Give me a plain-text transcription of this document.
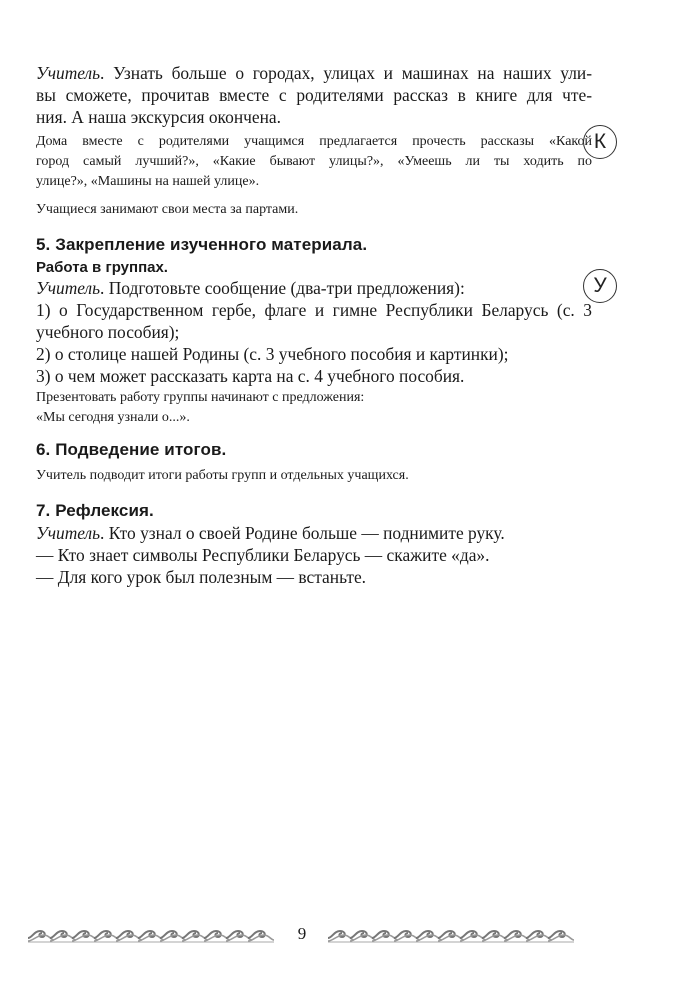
Учитель. Узнать больше о городах, улицах и машинах на наших ули-
вы сможете, прочитав вместе с родителями рассказ в книге для чте-
ния. А наша экскурсия окончена.
Дома вместе с родителями учащимся предлагается прочесть рассказы «Какой
город самый лучший?», «Какие бывают улицы?», «Умеешь ли ты ходить по
улице?», «Машины на нашей улице».
Учащиеся занимают свои места за партами.
5. Закрепление изученного материала.
Работа в группах.
Учитель. Подготовьте сообщение (два-три предложения):
1) о Государственном гербе, флаге и гимне Республики Беларусь (с. 3
учебного пособия);
2) о столице нашей Родины (с. 3 учебного пособия и картинки);
3) о чем может рассказать карта на с. 4 учебного пособия.
Презентовать работу группы начинают с предложения:
«Мы сегодня узнали о...».
6. Подведение итогов.
Учитель подводит итоги работы групп и отдельных учащихся.
7. Рефлексия.
Учитель. Кто узнал о своей Родине больше — поднимите руку.
— Кто знает символы Республики Беларусь — скажите «да».
— Для кого урок был полезным — встаньте.
К
У
9
